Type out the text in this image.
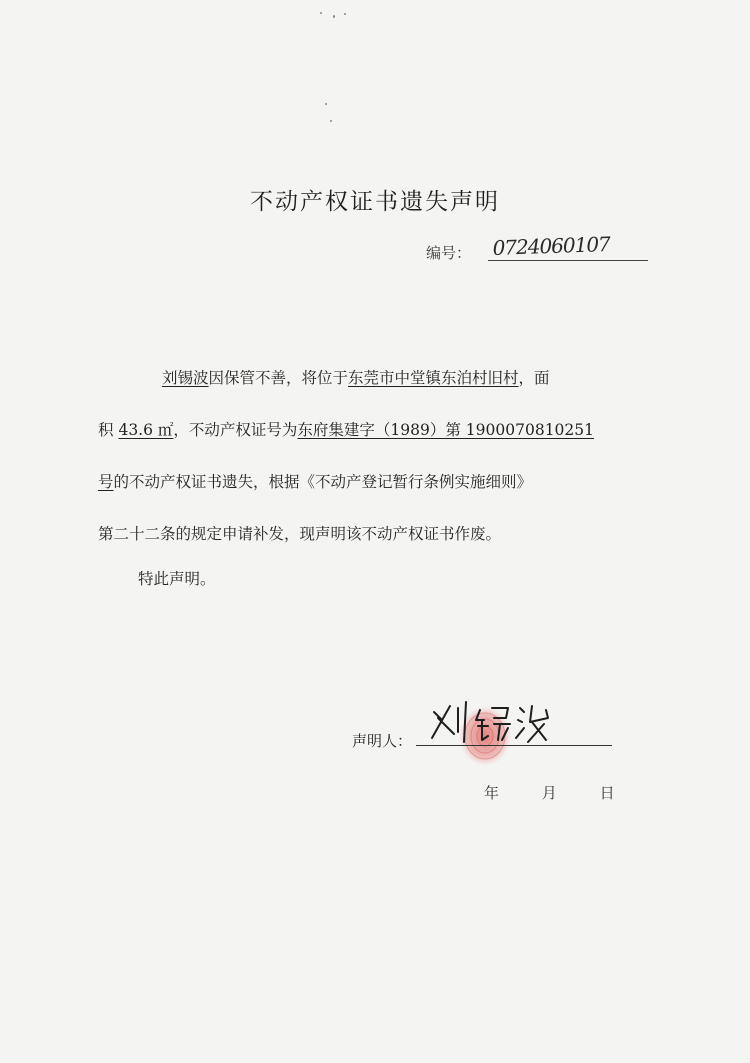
不动产权证书遗失声明
编号： 0724060107

刘锡波因保管不善，将位于东莞市中堂镇东泊村旧村，面

积 43.6 ㎡，不动产权证号为东府集建字（1989）第 1900070810251

号的不动产权证书遗失，根据《不动产登记暂行条例实施细则》

第二十二条的规定申请补发，现声明该不动产权证书作废。

特此声明。
声明人：
年	月	日
